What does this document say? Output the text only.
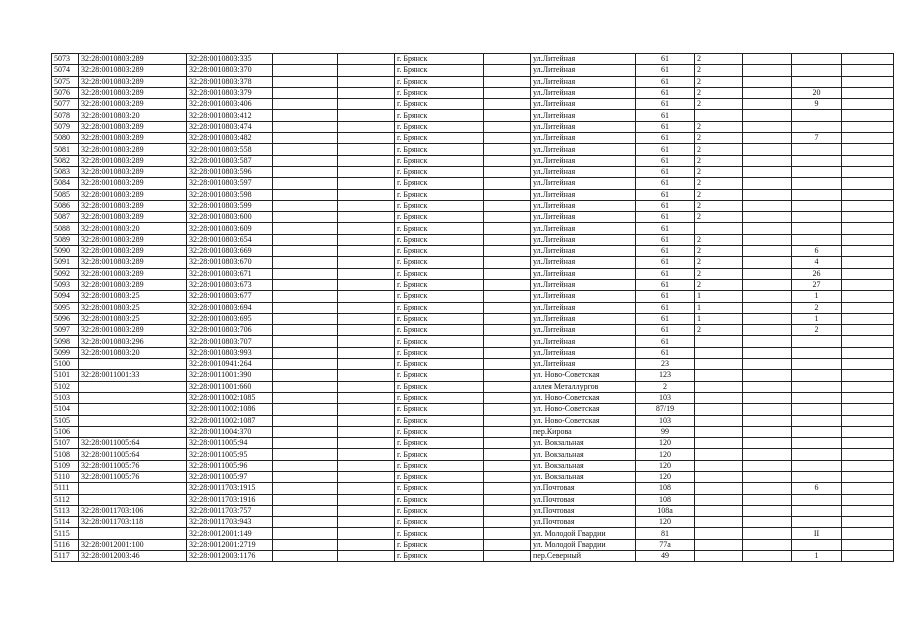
5073	32:28:0010803:289	32:28:0010803:335			г. Брянск		ул.Литейная	61	2			
5074	32:28:0010803:289	32:28:0010803:370			г. Брянск		ул.Литейная	61	2			
5075	32:28:0010803:289	32:28:0010803:378			г. Брянск		ул.Литейная	61	2			
5076	32:28:0010803:289	32:28:0010803:379			г. Брянск		ул.Литейная	61	2		20	
5077	32:28:0010803:289	32:28:0010803:406			г. Брянск		ул.Литейная	61	2		9	
5078	32:28:0010803:20	32:28:0010803:412			г. Брянск		ул.Литейная	61				
5079	32:28:0010803:289	32:28:0010803:474			г. Брянск		ул.Литейная	61	2			
5080	32:28:0010803:289	32:28:0010803:482			г. Брянск		ул.Литейная	61	2		7	
5081	32:28:0010803:289	32:28:0010803:558			г. Брянск		ул.Литейная	61	2			
5082	32:28:0010803:289	32:28:0010803:587			г. Брянск		ул.Литейная	61	2			
5083	32:28:0010803:289	32:28:0010803:596			г. Брянск		ул.Литейная	61	2			
5084	32:28:0010803:289	32:28:0010803:597			г. Брянск		ул.Литейная	61	2			
5085	32:28:0010803:289	32:28:0010803:598			г. Брянск		ул.Литейная	61	2			
5086	32:28:0010803:289	32:28:0010803:599			г. Брянск		ул.Литейная	61	2			
5087	32:28:0010803:289	32:28:0010803:600			г. Брянск		ул.Литейная	61	2			
5088	32:28:0010803:20	32:28:0010803:609			г. Брянск		ул.Литейная	61				
5089	32:28:0010803:289	32:28:0010803:654			г. Брянск		ул.Литейная	61	2			
5090	32:28:0010803:289	32:28:0010803:669			г. Брянск		ул.Литейная	61	2		6	
5091	32:28:0010803:289	32:28:0010803:670			г. Брянск		ул.Литейная	61	2		4	
5092	32:28:0010803:289	32:28:0010803:671			г. Брянск		ул.Литейная	61	2		26	
5093	32:28:0010803:289	32:28:0010803:673			г. Брянск		ул.Литейная	61	2		27	
5094	32:28:0010803:25	32:28:0010803:677			г. Брянск		ул.Литейная	61	1		1	
5095	32:28:0010803:25	32:28:0010803:694			г. Брянск		ул.Литейная	61	1		2	
5096	32:28:0010803:25	32:28:0010803:695			г. Брянск		ул.Литейная	61	1		1	
5097	32:28:0010803:289	32:28:0010803:706			г. Брянск		ул.Литейная	61	2		2	
5098	32:28:0010803:296	32:28:0010803:707			г. Брянск		ул.Литейная	61				
5099	32:28:0010803:20	32:28:0010803:993			г. Брянск		ул.Литейная	61				
5100		32:28:0010941:264			г. Брянск		ул.Литейная	23				
5101	32:28:0011001:33	32:28:0011001:390			г. Брянск		ул. Ново-Советская	123				
5102		32:28:0011001:660			г. Брянск		аллея Металлургов	2				
5103		32:28:0011002:1085			г. Брянск		ул. Ново-Советская	103				
5104		32:28:0011002:1086			г. Брянск		ул. Ново-Советская	87/19				
5105		32:28:0011002:1087			г. Брянск		ул. Ново-Советская	103				
5106		32:28:0011004:370			г. Брянск		пер.Кирова	99				
5107	32:28:0011005:64	32:28:0011005:94			г. Брянск		ул. Вокзальная	120				
5108	32:28:0011005:64	32:28:0011005:95			г. Брянск		ул. Вокзальная	120				
5109	32:28:0011005:76	32:28:0011005:96			г. Брянск		ул. Вокзальная	120				
5110	32:28:0011005:76	32:28:0011005:97			г. Брянск		ул. Вокзальная	120				
5111		32:28:0011703:1915			г. Брянск		ул.Почтовая	108			6	
5112		32:28:0011703:1916			г. Брянск		ул.Почтовая	108				
5113	32:28:0011703:106	32:28:0011703:757			г. Брянск		ул.Почтовая	108а				
5114	32:28:0011703:118	32:28:0011703:943			г. Брянск		ул.Почтовая	120				
5115		32:28:0012001:149			г. Брянск		ул. Молодой Гвардии	81			II	
5116	32:28:0012001:100	32:28:0012001:2719			г. Брянск		ул. Молодой Гвардии	77а				
5117	32:28:0012003:46	32:28:0012003:1176			г. Брянск		пер.Северный	49			1	
